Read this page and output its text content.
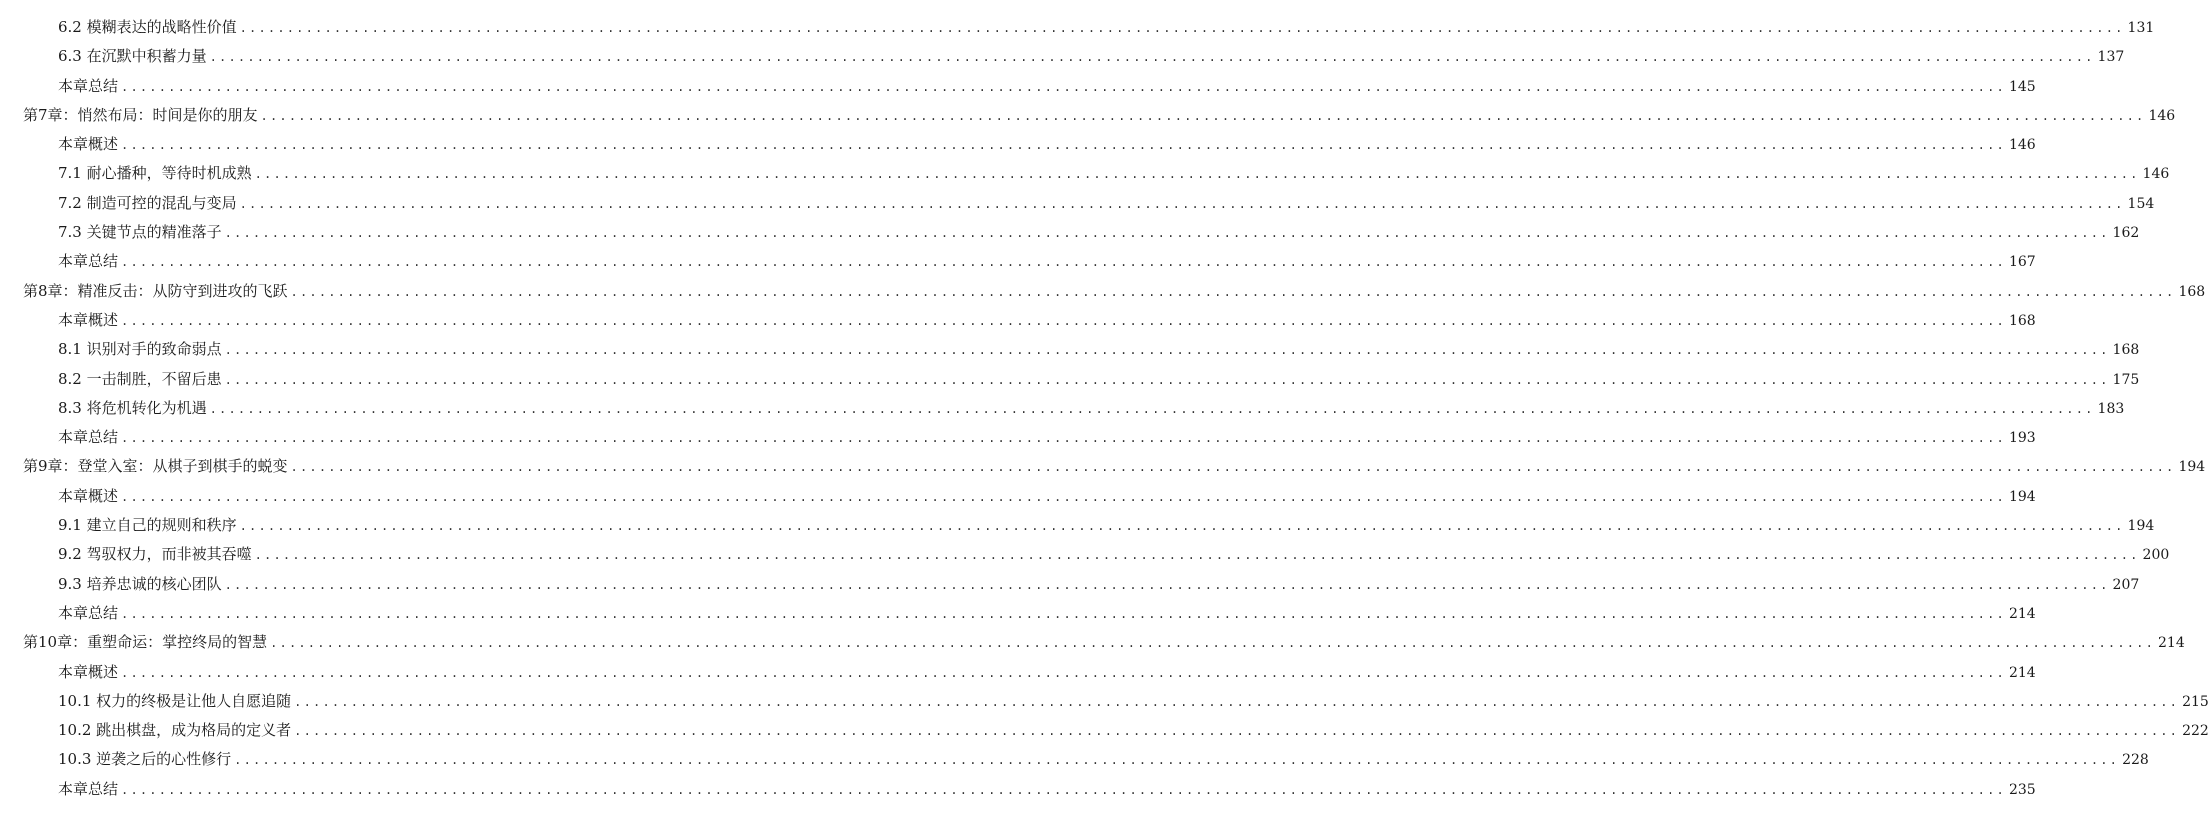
6.2 模糊表达的战略性价值 ........................................................................................................................................................................................................ 131
6.3 在沉默中积蓄力量 ........................................................................................................................................................................................................ 137
本章总结 ........................................................................................................................................................................................................ 145
第7章：悄然布局：时间是你的朋友 ........................................................................................................................................................................................................ 146
本章概述 ........................................................................................................................................................................................................ 146
7.1 耐心播种，等待时机成熟 ........................................................................................................................................................................................................ 146
7.2 制造可控的混乱与变局 ........................................................................................................................................................................................................ 154
7.3 关键节点的精准落子 ........................................................................................................................................................................................................ 162
本章总结 ........................................................................................................................................................................................................ 167
第8章：精准反击：从防守到进攻的飞跃 ........................................................................................................................................................................................................ 168
本章概述 ........................................................................................................................................................................................................ 168
8.1 识别对手的致命弱点 ........................................................................................................................................................................................................ 168
8.2 一击制胜，不留后患 ........................................................................................................................................................................................................ 175
8.3 将危机转化为机遇 ........................................................................................................................................................................................................ 183
本章总结 ........................................................................................................................................................................................................ 193
第9章：登堂入室：从棋子到棋手的蜕变 ........................................................................................................................................................................................................ 194
本章概述 ........................................................................................................................................................................................................ 194
9.1 建立自己的规则和秩序 ........................................................................................................................................................................................................ 194
9.2 驾驭权力，而非被其吞噬 ........................................................................................................................................................................................................ 200
9.3 培养忠诚的核心团队 ........................................................................................................................................................................................................ 207
本章总结 ........................................................................................................................................................................................................ 214
第10章：重塑命运：掌控终局的智慧 ........................................................................................................................................................................................................ 214
本章概述 ........................................................................................................................................................................................................ 214
10.1 权力的终极是让他人自愿追随 ........................................................................................................................................................................................................ 215
10.2 跳出棋盘，成为格局的定义者 ........................................................................................................................................................................................................ 222
10.3 逆袭之后的心性修行 ........................................................................................................................................................................................................ 228
本章总结 ........................................................................................................................................................................................................ 235
